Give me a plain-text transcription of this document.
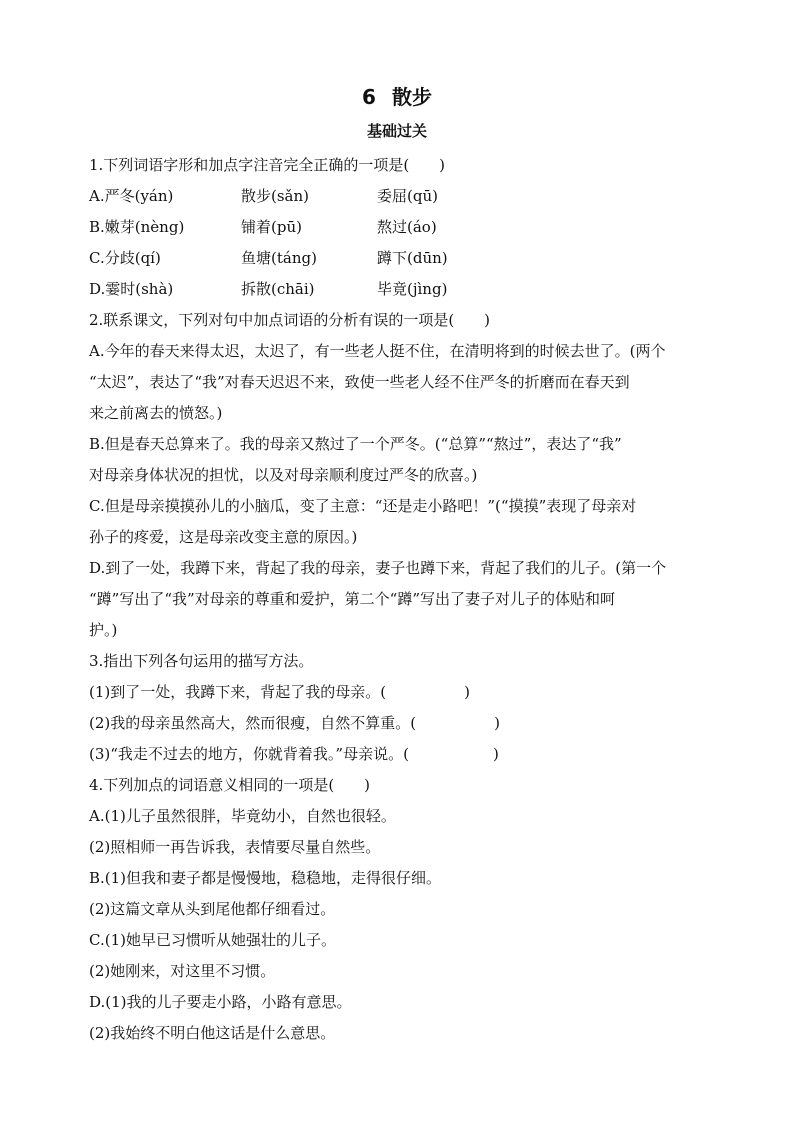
6 散步
基础过关
1.下列词语字形和加点字注音完全正确的一项是(　　)
A.严冬(yán)	散步(sǎn)	委屈(qū)
B.嫩芽(nèng)	铺着(pū)	熬过(áo)
C.分歧(qí)	鱼塘(táng)	蹲下(dūn)
D.霎时(shà)	拆散(chāi)	毕竟(jìng)
2.联系课文，下列对句中加点词语的分析有误的一项是(　　)
A.今年的春天来得太迟，太迟了，有一些老人挺不住，在清明将到的时候去世了。(两个
“太迟”，表达了“我”对春天迟迟不来，致使一些老人经不住严冬的折磨而在春天到
来之前离去的愤怒。)
B.但是春天总算来了。我的母亲又熬过了一个严冬。(“总算”“熬过”，表达了“我”
对母亲身体状况的担忧，以及对母亲顺利度过严冬的欣喜。)
C.但是母亲摸摸孙儿的小脑瓜，变了主意：“还是走小路吧！”(“摸摸”表现了母亲对
孙子的疼爱，这是母亲改变主意的原因。)
D.到了一处，我蹲下来，背起了我的母亲，妻子也蹲下来，背起了我们的儿子。(第一个
“蹲”写出了“我”对母亲的尊重和爱护，第二个“蹲”写出了妻子对儿子的体贴和呵
护。)
3.指出下列各句运用的描写方法。
(1)到了一处，我蹲下来，背起了我的母亲。(	)
(2)我的母亲虽然高大，然而很瘦，自然不算重。(	)
(3)“我走不过去的地方，你就背着我。”母亲说。(	)
4.下列加点的词语意义相同的一项是(　　)
A.(1)儿子虽然很胖，毕竟幼小，自然也很轻。
(2)照相师一再告诉我，表情要尽量自然些。
B.(1)但我和妻子都是慢慢地，稳稳地，走得很仔细。
(2)这篇文章从头到尾他都仔细看过。
C.(1)她早已习惯听从她强壮的儿子。
(2)她刚来，对这里不习惯。
D.(1)我的儿子要走小路，小路有意思。
(2)我始终不明白他这话是什么意思。
